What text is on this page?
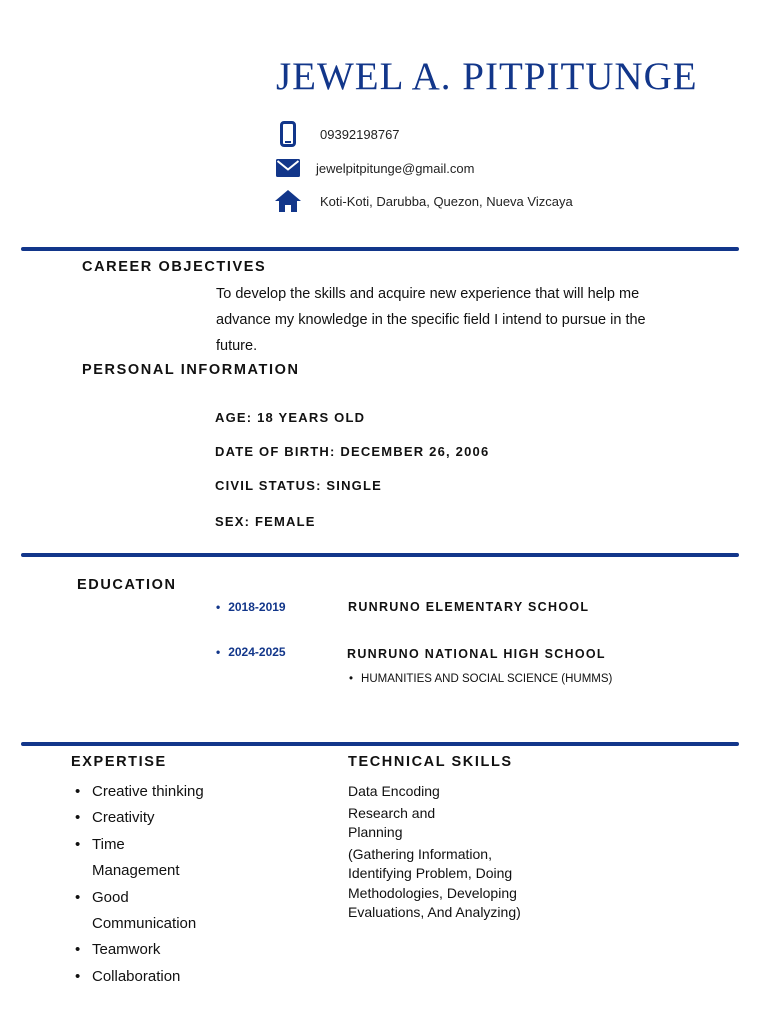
JEWEL A. PITPITUNGE
09392198767
jewelpitpitunge@gmail.com
Koti-Koti, Darubba, Quezon, Nueva Vizcaya
CAREER OBJECTIVES
To develop the skills and acquire new experience that will help me
advance my knowledge in the specific field I intend to pursue in the
future.
PERSONAL INFORMATION
AGE: 18 YEARS OLD
DATE OF BIRTH: DECEMBER 26, 2006
CIVIL STATUS: SINGLE
SEX: FEMALE
EDUCATION
• 2018-2019	RUNRUNO ELEMENTARY SCHOOL
• 2024-2025	RUNRUNO NATIONAL HIGH SCHOOL
• HUMANITIES AND SOCIAL SCIENCE (HUMMS)
EXPERTISE
• Creative thinking
• Creativity
• Time
Management
• Good
Communication
• Teamwork
• Collaboration
TECHNICAL SKILLS
Data Encoding
Research and
Planning
(Gathering Information,
Identifying Problem, Doing
Methodologies, Developing
Evaluations, And Analyzing)
